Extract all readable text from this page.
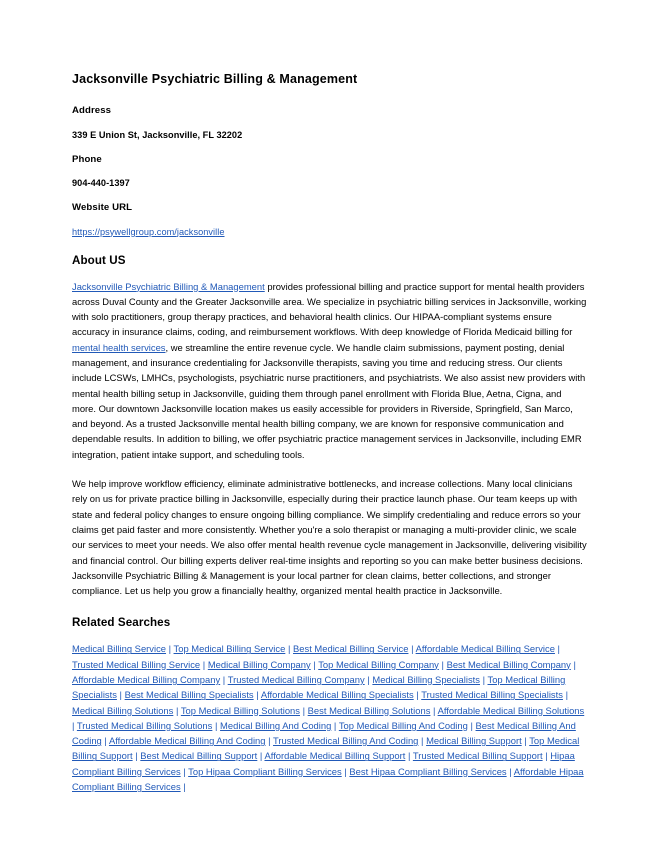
Jacksonville Psychiatric Billing & Management

Address

339 E Union St, Jacksonville, FL 32202

Phone

904-440-1397

Website URL

https://psywellgroup.com/jacksonville

About US

Jacksonville Psychiatric Billing & Management provides professional billing and practice support for mental health providers across Duval County and the Greater Jacksonville area. We specialize in psychiatric billing services in Jacksonville, working with solo practitioners, group therapy practices, and behavioral health clinics. Our HIPAA-compliant systems ensure accuracy in insurance claims, coding, and reimbursement workflows. With deep knowledge of Florida Medicaid billing for mental health services, we streamline the entire revenue cycle. We handle claim submissions, payment posting, denial management, and insurance credentialing for Jacksonville therapists, saving you time and reducing stress. Our clients include LCSWs, LMHCs, psychologists, psychiatric nurse practitioners, and psychiatrists. We also assist new providers with mental health billing setup in Jacksonville, guiding them through panel enrollment with Florida Blue, Aetna, Cigna, and more. Our downtown Jacksonville location makes us easily accessible for providers in Riverside, Springfield, San Marco, and beyond. As a trusted Jacksonville mental health billing company, we are known for responsive communication and dependable results. In addition to billing, we offer psychiatric practice management services in Jacksonville, including EMR integration, patient intake support, and scheduling tools.

We help improve workflow efficiency, eliminate administrative bottlenecks, and increase collections. Many local clinicians rely on us for private practice billing in Jacksonville, especially during their practice launch phase. Our team keeps up with state and federal policy changes to ensure ongoing billing compliance. We simplify credentialing and reduce errors so your claims get paid faster and more consistently. Whether you're a solo therapist or managing a multi-provider clinic, we scale our services to meet your needs. We also offer mental health revenue cycle management in Jacksonville, delivering visibility and financial control. Our billing experts deliver real-time insights and reporting so you can make better business decisions. Jacksonville Psychiatric Billing & Management is your local partner for clean claims, better collections, and stronger compliance. Let us help you grow a financially healthy, organized mental health practice in Jacksonville.

Related Searches

Medical Billing Service | Top Medical Billing Service | Best Medical Billing Service | Affordable Medical Billing Service | Trusted Medical Billing Service | Medical Billing Company | Top Medical Billing Company | Best Medical Billing Company | Affordable Medical Billing Company | Trusted Medical Billing Company | Medical Billing Specialists | Top Medical Billing Specialists | Best Medical Billing Specialists | Affordable Medical Billing Specialists | Trusted Medical Billing Specialists | Medical Billing Solutions | Top Medical Billing Solutions | Best Medical Billing Solutions | Affordable Medical Billing Solutions | Trusted Medical Billing Solutions | Medical Billing And Coding | Top Medical Billing And Coding | Best Medical Billing And Coding | Affordable Medical Billing And Coding | Trusted Medical Billing And Coding | Medical Billing Support | Top Medical Billing Support | Best Medical Billing Support | Affordable Medical Billing Support | Trusted Medical Billing Support | Hipaa Compliant Billing Services | Top Hipaa Compliant Billing Services | Best Hipaa Compliant Billing Services | Affordable Hipaa Compliant Billing Services |
